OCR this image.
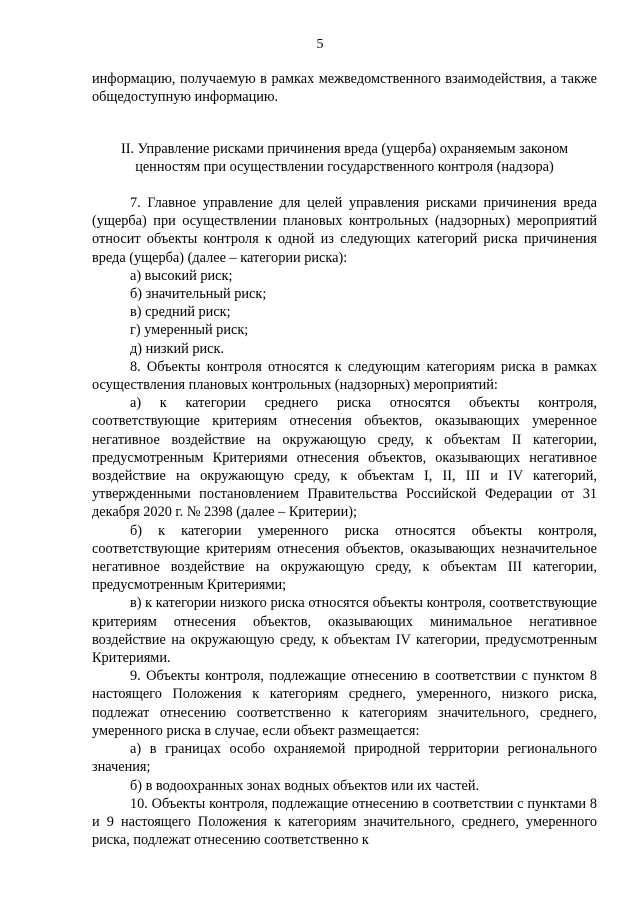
5

информацию, получаемую в рамках межведомственного взаимодействия, а также общедоступную информацию.

II. Управление рисками причинения вреда (ущерба) охраняемым законом ценностям при осуществлении государственного контроля (надзора)

7. Главное управление для целей управления рисками причинения вреда (ущерба) при осуществлении плановых контрольных (надзорных) мероприятий относит объекты контроля к одной из следующих категорий риска причинения вреда (ущерба) (далее – категории риска):

а) высокий риск;

б) значительный риск;

в) средний риск;

г) умеренный риск;

д) низкий риск.

8. Объекты контроля относятся к следующим категориям риска в рамках осуществления плановых контрольных (надзорных) мероприятий:

а) к категории среднего риска относятся объекты контроля, соответствующие критериям отнесения объектов, оказывающих умеренное негативное воздействие на окружающую среду, к объектам II категории, предусмотренным Критериями отнесения объектов, оказывающих негативное воздействие на окружающую среду, к объектам I, II, III и IV категорий, утвержденными постановлением Правительства Российской Федерации от 31 декабря 2020 г. № 2398 (далее – Критерии);

б) к категории умеренного риска относятся объекты контроля, соответствующие критериям отнесения объектов, оказывающих незначительное негативное воздействие на окружающую среду, к объектам III категории, предусмотренным Критериями;

в) к категории низкого риска относятся объекты контроля, соответствующие критериям отнесения объектов, оказывающих минимальное негативное воздействие на окружающую среду, к объектам IV категории, предусмотренным Критериями.

9. Объекты контроля, подлежащие отнесению в соответствии с пунктом 8 настоящего Положения к категориям среднего, умеренного, низкого риска, подлежат отнесению соответственно к категориям значительного, среднего, умеренного риска в случае, если объект размещается:

а) в границах особо охраняемой природной территории регионального значения;

б) в водоохранных зонах водных объектов или их частей.

10. Объекты контроля, подлежащие отнесению в соответствии с пунктами 8 и 9 настоящего Положения к категориям значительного, среднего, умеренного риска, подлежат отнесению соответственно к
